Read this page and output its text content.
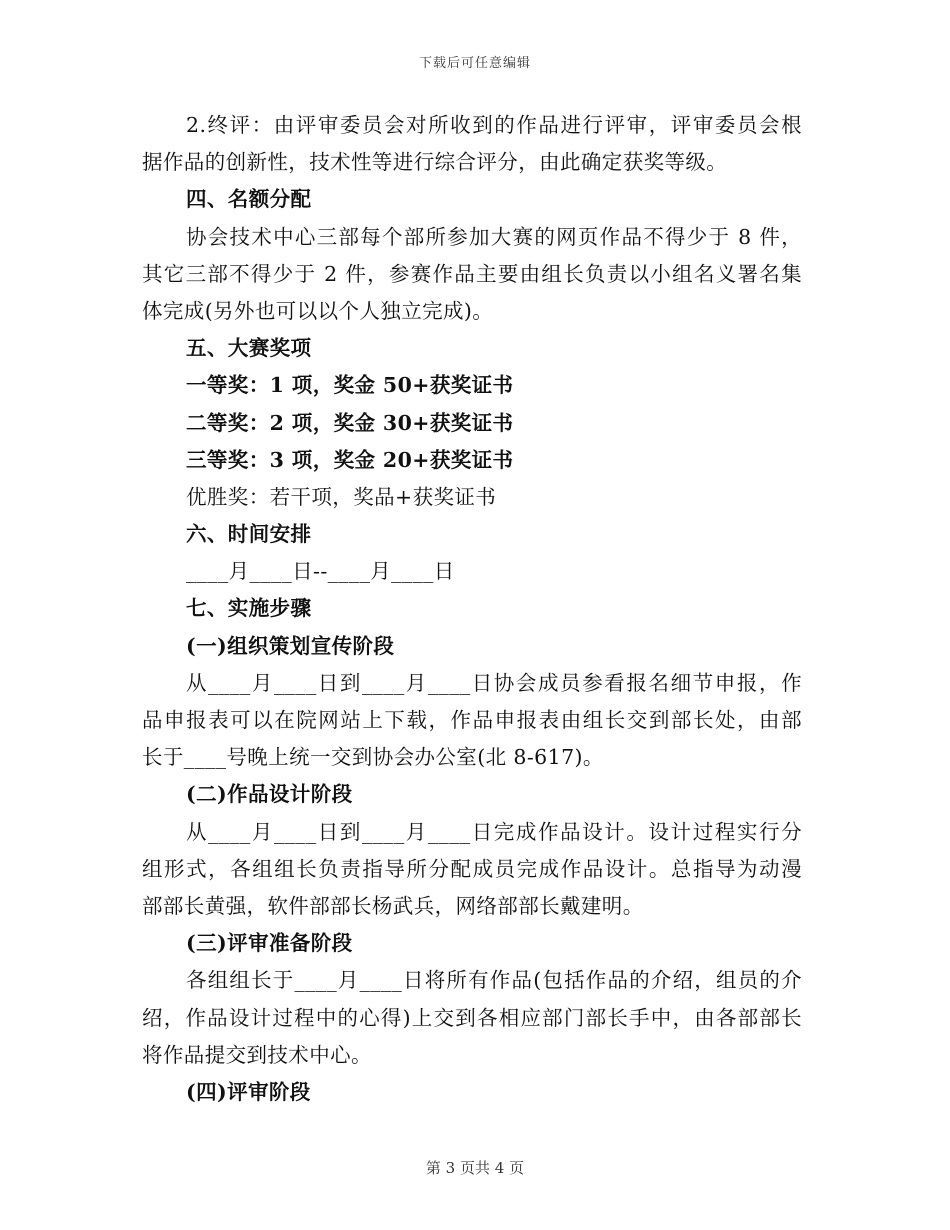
下载后可任意编辑
2.终评：由评审委员会对所收到的作品进行评审，评审委员会根
据作品的创新性，技术性等进行综合评分，由此确定获奖等级。
四、名额分配
协会技术中心三部每个部所参加大赛的网页作品不得少于 8 件，
其它三部不得少于 2 件，参赛作品主要由组长负责以小组名义署名集
体完成(另外也可以以个人独立完成)。
五、大赛奖项
一等奖：1 项，奖金 50+获奖证书
二等奖：2 项，奖金 30+获奖证书
三等奖：3 项，奖金 20+获奖证书
优胜奖：若干项，奖品+获奖证书
六、时间安排
____月____日--____月____日
七、实施步骤
(一)组织策划宣传阶段
从____月____日到____月____日协会成员参看报名细节申报，作
品申报表可以在院网站上下载，作品申报表由组长交到部长处，由部
长于____号晚上统一交到协会办公室(北 8-617)。
(二)作品设计阶段
从____月____日到____月____日完成作品设计。设计过程实行分
组形式，各组组长负责指导所分配成员完成作品设计。总指导为动漫
部部长黄强，软件部部长杨武兵，网络部部长戴建明。
(三)评审准备阶段
各组组长于____月____日将所有作品(包括作品的介绍，组员的介
绍，作品设计过程中的心得)上交到各相应部门部长手中，由各部部长
将作品提交到技术中心。
(四)评审阶段
第 3 页共 4 页
